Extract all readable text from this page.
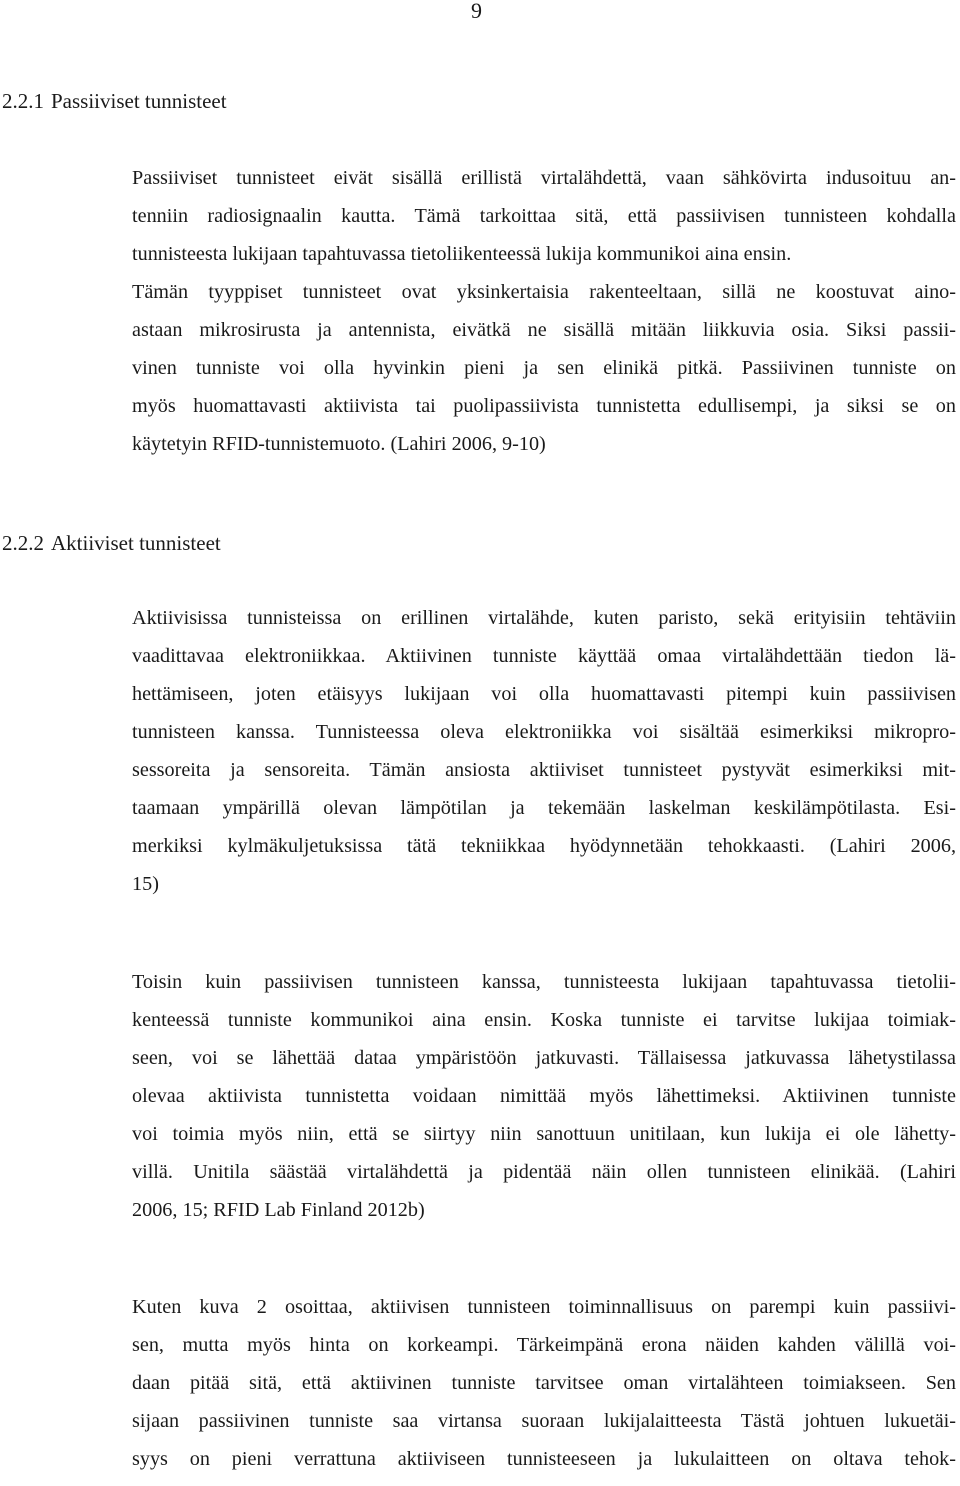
9
2.2.1 Passiiviset tunnisteet
Passiiviset tunnisteet eivät sisällä erillistä virtalähdettä, vaan sähkövirta indusoituu an-
tenniin radiosignaalin kautta. Tämä tarkoittaa sitä, että passiivisen tunnisteen kohdalla
tunnisteesta lukijaan tapahtuvassa tietoliikenteessä lukija kommunikoi aina ensin.
Tämän tyyppiset tunnisteet ovat yksinkertaisia rakenteeltaan, sillä ne koostuvat aino-
astaan mikrosirusta ja antennista, eivätkä ne sisällä mitään liikkuvia osia. Siksi passii-
vinen tunniste voi olla hyvinkin pieni ja sen elinikä pitkä. Passiivinen tunniste on
myös huomattavasti aktiivista tai puolipassiivista tunnistetta edullisempi, ja siksi se on
käytetyin RFID-tunnistemuoto. (Lahiri 2006, 9-10)
2.2.2 Aktiiviset tunnisteet
Aktiivisissa tunnisteissa on erillinen virtalähde, kuten paristo, sekä erityisiin tehtäviin
vaadittavaa elektroniikkaa. Aktiivinen tunniste käyttää omaa virtalähdettään tiedon lä-
hettämiseen, joten etäisyys lukijaan voi olla huomattavasti pitempi kuin passiivisen
tunnisteen kanssa. Tunnisteessa oleva elektroniikka voi sisältää esimerkiksi mikropro-
sessoreita ja sensoreita. Tämän ansiosta aktiiviset tunnisteet pystyvät esimerkiksi mit-
taamaan ympärillä olevan lämpötilan ja tekemään laskelman keskilämpötilasta. Esi-
merkiksi kylmäkuljetuksissa tätä tekniikkaa hyödynnetään tehokkaasti. (Lahiri 2006,
15)
Toisin kuin passiivisen tunnisteen kanssa, tunnisteesta lukijaan tapahtuvassa tietolii-
kenteessä tunniste kommunikoi aina ensin. Koska tunniste ei tarvitse lukijaa toimiak-
seen, voi se lähettää dataa ympäristöön jatkuvasti. Tällaisessa jatkuvassa lähetystilassa
olevaa aktiivista tunnistetta voidaan nimittää myös lähettimeksi. Aktiivinen tunniste
voi toimia myös niin, että se siirtyy niin sanottuun unitilaan, kun lukija ei ole lähetty-
villä. Unitila säästää virtalähdettä ja pidentää näin ollen tunnisteen elinikää. (Lahiri
2006, 15; RFID Lab Finland 2012b)
Kuten kuva 2 osoittaa, aktiivisen tunnisteen toiminnallisuus on parempi kuin passiivi-
sen, mutta myös hinta on korkeampi. Tärkeimpänä erona näiden kahden välillä voi-
daan pitää sitä, että aktiivinen tunniste tarvitsee oman virtalähteen toimiakseen. Sen
sijaan passiivinen tunniste saa virtansa suoraan lukijalaitteesta Tästä johtuen lukuetäi-
syys on pieni verrattuna aktiiviseen tunnisteeseen ja lukulaitteen on oltava tehok-
